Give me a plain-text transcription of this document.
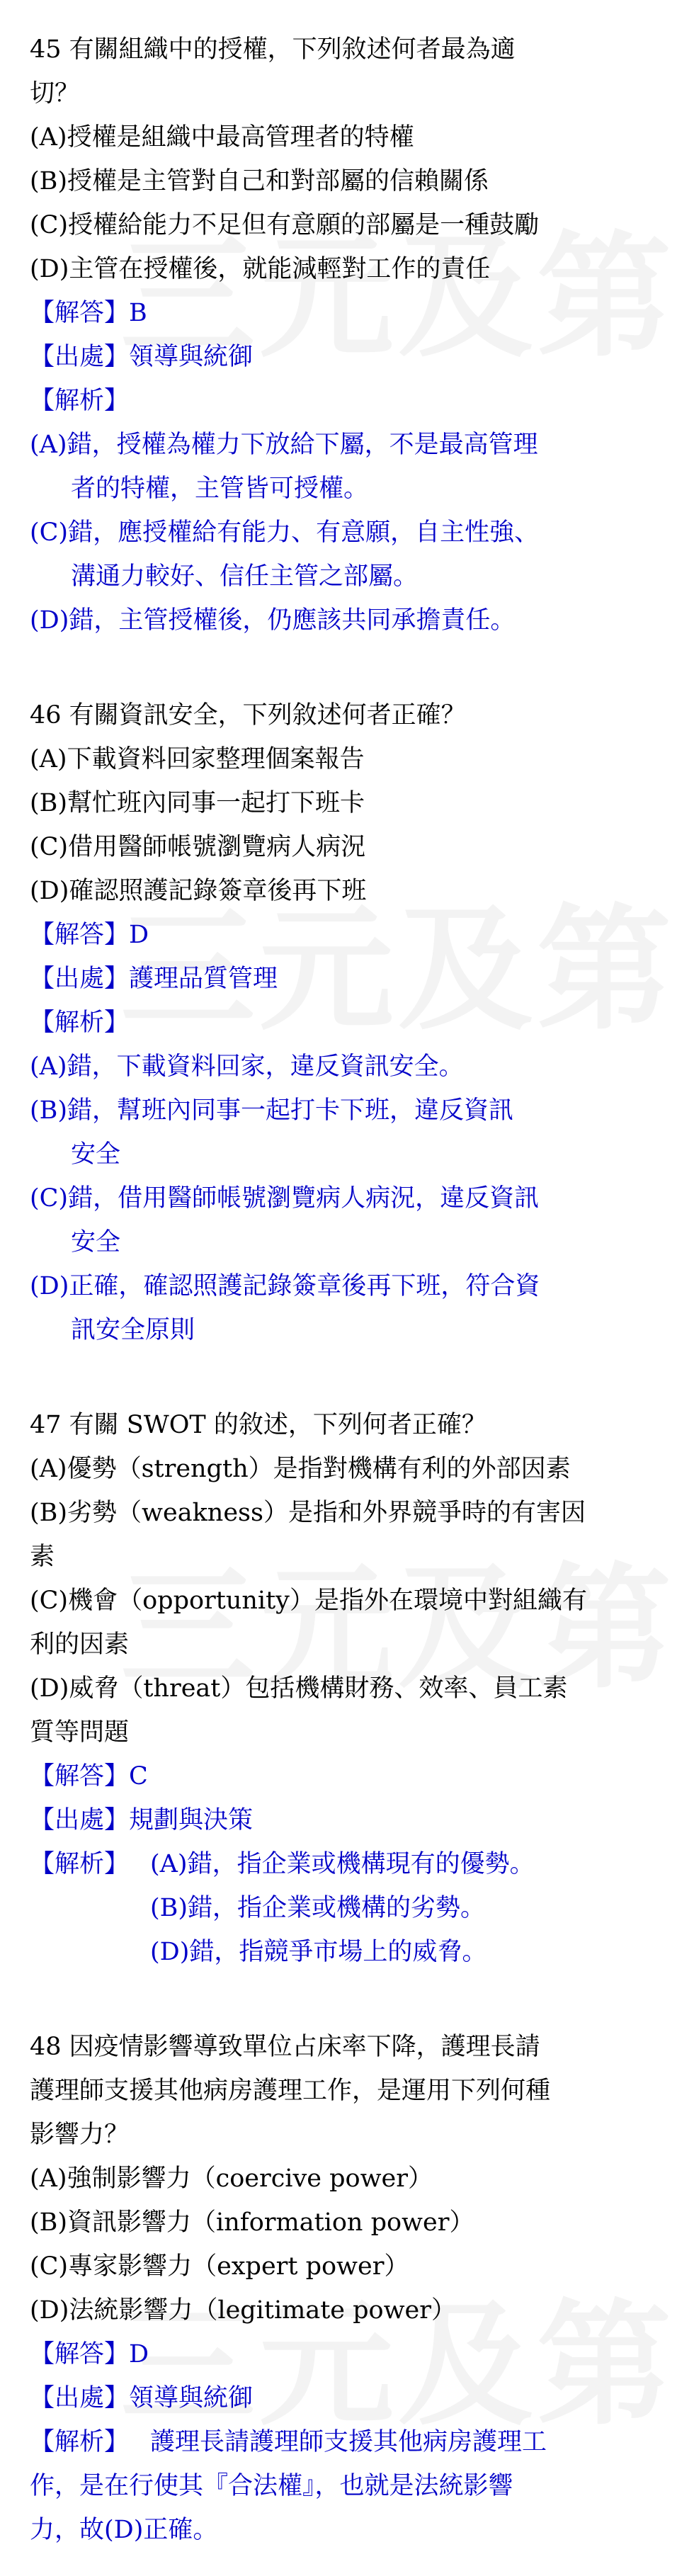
45 有關組織中的授權，下列敘述何者最為適
切？
(A)授權是組織中最高管理者的特權
(B)授權是主管對自己和對部屬的信賴關係
(C)授權給能力不足但有意願的部屬是一種鼓勵
(D)主管在授權後，就能減輕對工作的責任
【解答】B
【出處】領導與統御
【解析】
(A)錯，授權為權力下放給下屬，不是最高管理
者的特權，主管皆可授權。
(C)錯，應授權給有能力、有意願，自主性強、
溝通力較好、信任主管之部屬。
(D)錯，主管授權後，仍應該共同承擔責任。
46 有關資訊安全，下列敘述何者正確？
(A)下載資料回家整理個案報告
(B)幫忙班內同事一起打下班卡
(C)借用醫師帳號瀏覽病人病況
(D)確認照護記錄簽章後再下班
【解答】D
【出處】護理品質管理
【解析】
(A)錯，下載資料回家，違反資訊安全。
(B)錯，幫班內同事一起打卡下班，違反資訊
安全
(C)錯，借用醫師帳號瀏覽病人病況，違反資訊
安全
(D)正確，確認照護記錄簽章後再下班，符合資
訊安全原則
47 有關 SWOT 的敘述，下列何者正確？
(A)優勢（strength）是指對機構有利的外部因素
(B)劣勢（weakness）是指和外界競爭時的有害因
素
(C)機會（opportunity）是指外在環境中對組織有
利的因素
(D)威脅（threat）包括機構財務、效率、員工素
質等問題
【解答】C
【出處】規劃與決策
【解析】 (A)錯，指企業或機構現有的優勢。
(B)錯，指企業或機構的劣勢。
(D)錯，指競爭市場上的威脅。
48 因疫情影響導致單位占床率下降，護理長請
護理師支援其他病房護理工作，是運用下列何種
影響力？
(A)強制影響力（coercive power）
(B)資訊影響力（information power）
(C)專家影響力（expert power）
(D)法統影響力（legitimate power）
【解答】D
【出處】領導與統御
【解析】 護理長請護理師支援其他病房護理工
作，是在行使其『合法權』，也就是法統影響
力，故(D)正確。
